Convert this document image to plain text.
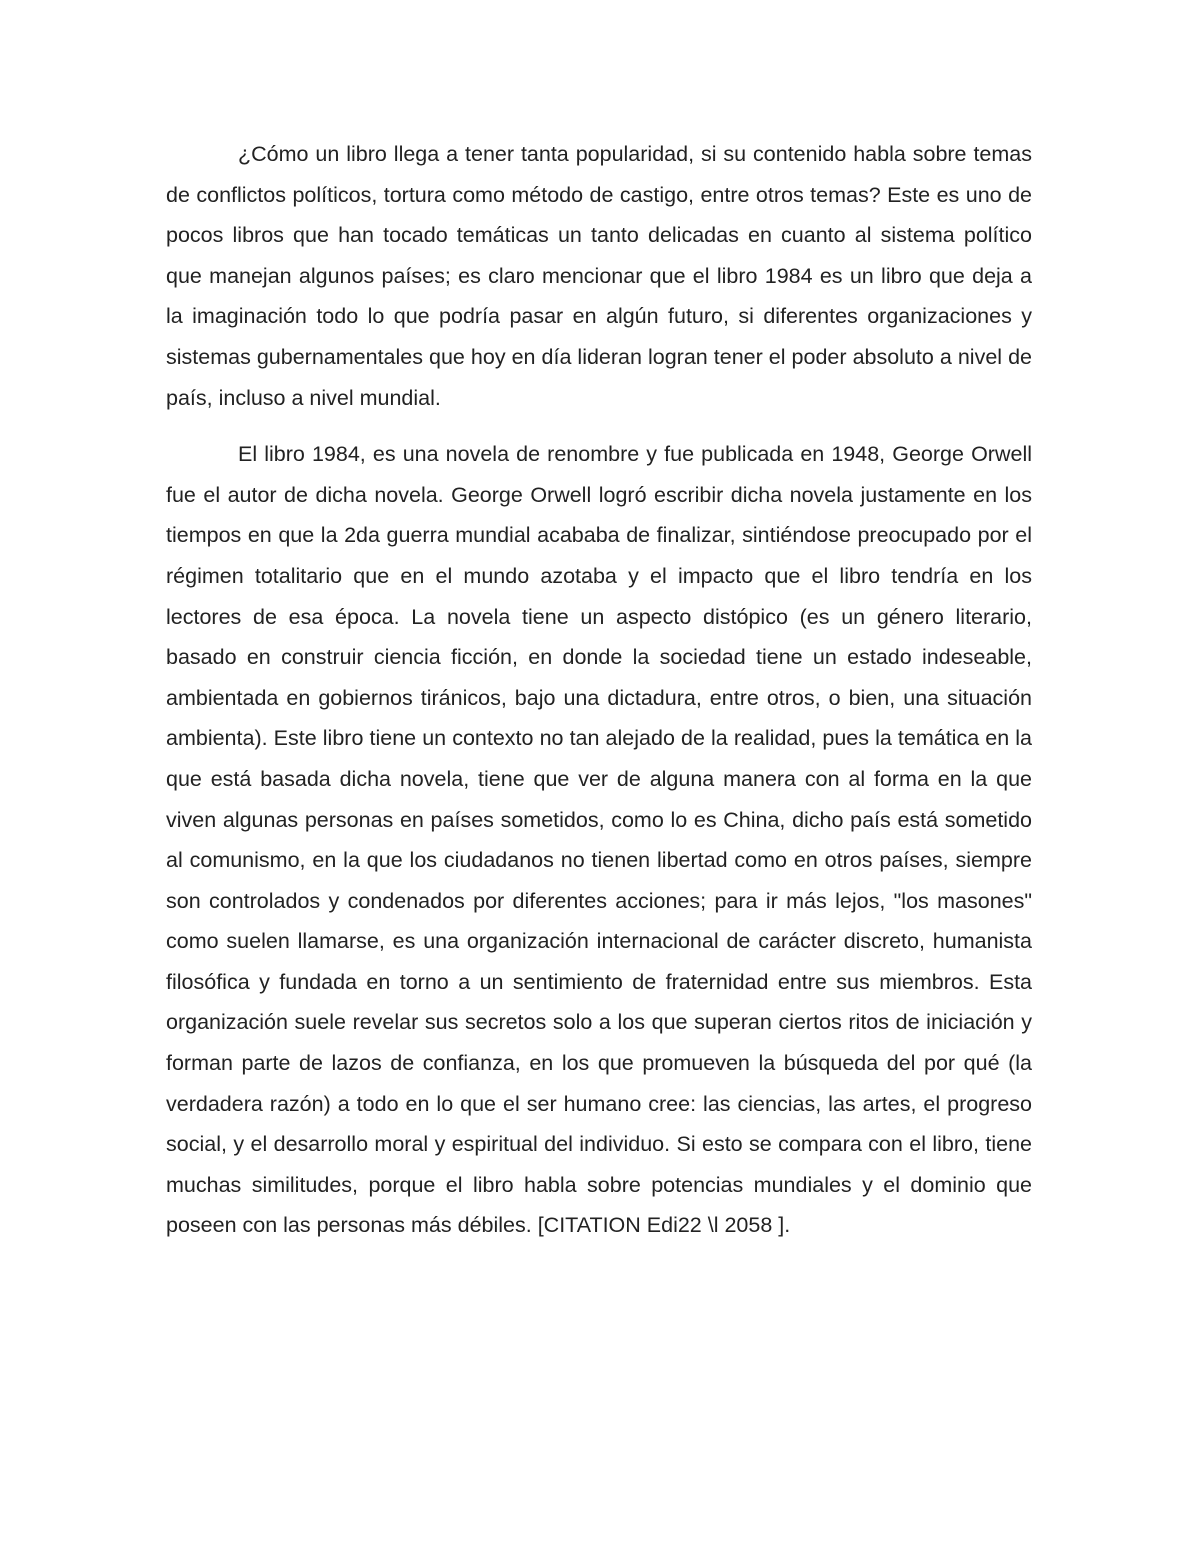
¿Cómo un libro llega a tener tanta popularidad, si su contenido habla sobre temas de conflictos políticos, tortura como método de castigo, entre otros temas? Este es uno de pocos libros que han tocado temáticas un tanto delicadas en cuanto al sistema político que manejan algunos países; es claro mencionar que el libro 1984 es un libro que deja a la imaginación todo lo que podría pasar en algún futuro, si diferentes organizaciones y sistemas gubernamentales que hoy en día lideran logran tener el poder absoluto a nivel de país, incluso a nivel mundial.

El libro 1984, es una novela de renombre y fue publicada en 1948, George Orwell fue el autor de dicha novela. George Orwell logró escribir dicha novela justamente en los tiempos en que la 2da guerra mundial acababa de finalizar, sintiéndose preocupado por el régimen totalitario que en el mundo azotaba y el impacto que el libro tendría en los lectores de esa época. La novela tiene un aspecto distópico (es un género literario, basado en construir ciencia ficción, en donde la sociedad tiene un estado indeseable, ambientada en gobiernos tiránicos, bajo una dictadura, entre otros, o bien, una situación ambienta). Este libro tiene un contexto no tan alejado de la realidad, pues la temática en la que está basada dicha novela, tiene que ver de alguna manera con al forma en la que viven algunas personas en países sometidos, como lo es China, dicho país está sometido al comunismo, en la que los ciudadanos no tienen libertad como en otros países, siempre son controlados y condenados por diferentes acciones; para ir más lejos, "los masones" como suelen llamarse, es una organización internacional de carácter discreto, humanista filosófica y fundada en torno a un sentimiento de fraternidad entre sus miembros. Esta organización suele revelar sus secretos solo a los que superan ciertos ritos de iniciación y forman parte de lazos de confianza, en los que promueven la búsqueda del por qué (la verdadera razón) a todo en lo que el ser humano cree: las ciencias, las artes, el progreso social, y el desarrollo moral y espiritual del individuo. Si esto se compara con el libro, tiene muchas similitudes, porque el libro habla sobre potencias mundiales y el dominio que poseen con las personas más débiles. [CITATION Edi22 \l 2058 ].
